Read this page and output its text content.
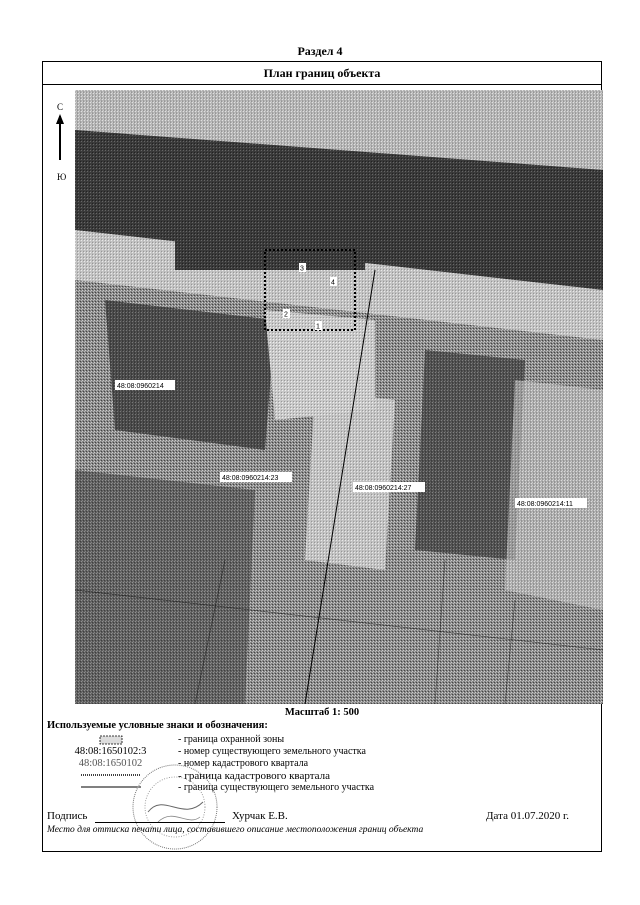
Раздел 4
План границ объекта
С
Ю
3
4
2
1
48:08:0960214
48:08:0960214:23
48:08:0960214:27
48:08:0960214:11
Масштаб 1: 500
Используемые условные знаки и обозначения:
- граница охранной зоны
48:08:1650102:3	- номер существующего земельного участка
48:08:1650102	- номер кадастрового квартала
- граница кадастрового квартала
- граница существующего земельного участка
Подпись	Хурчак Е.В.	Дата 01.07.2020 г.
Место для оттиска печати лица, составившего описание местоположения границ объекта
